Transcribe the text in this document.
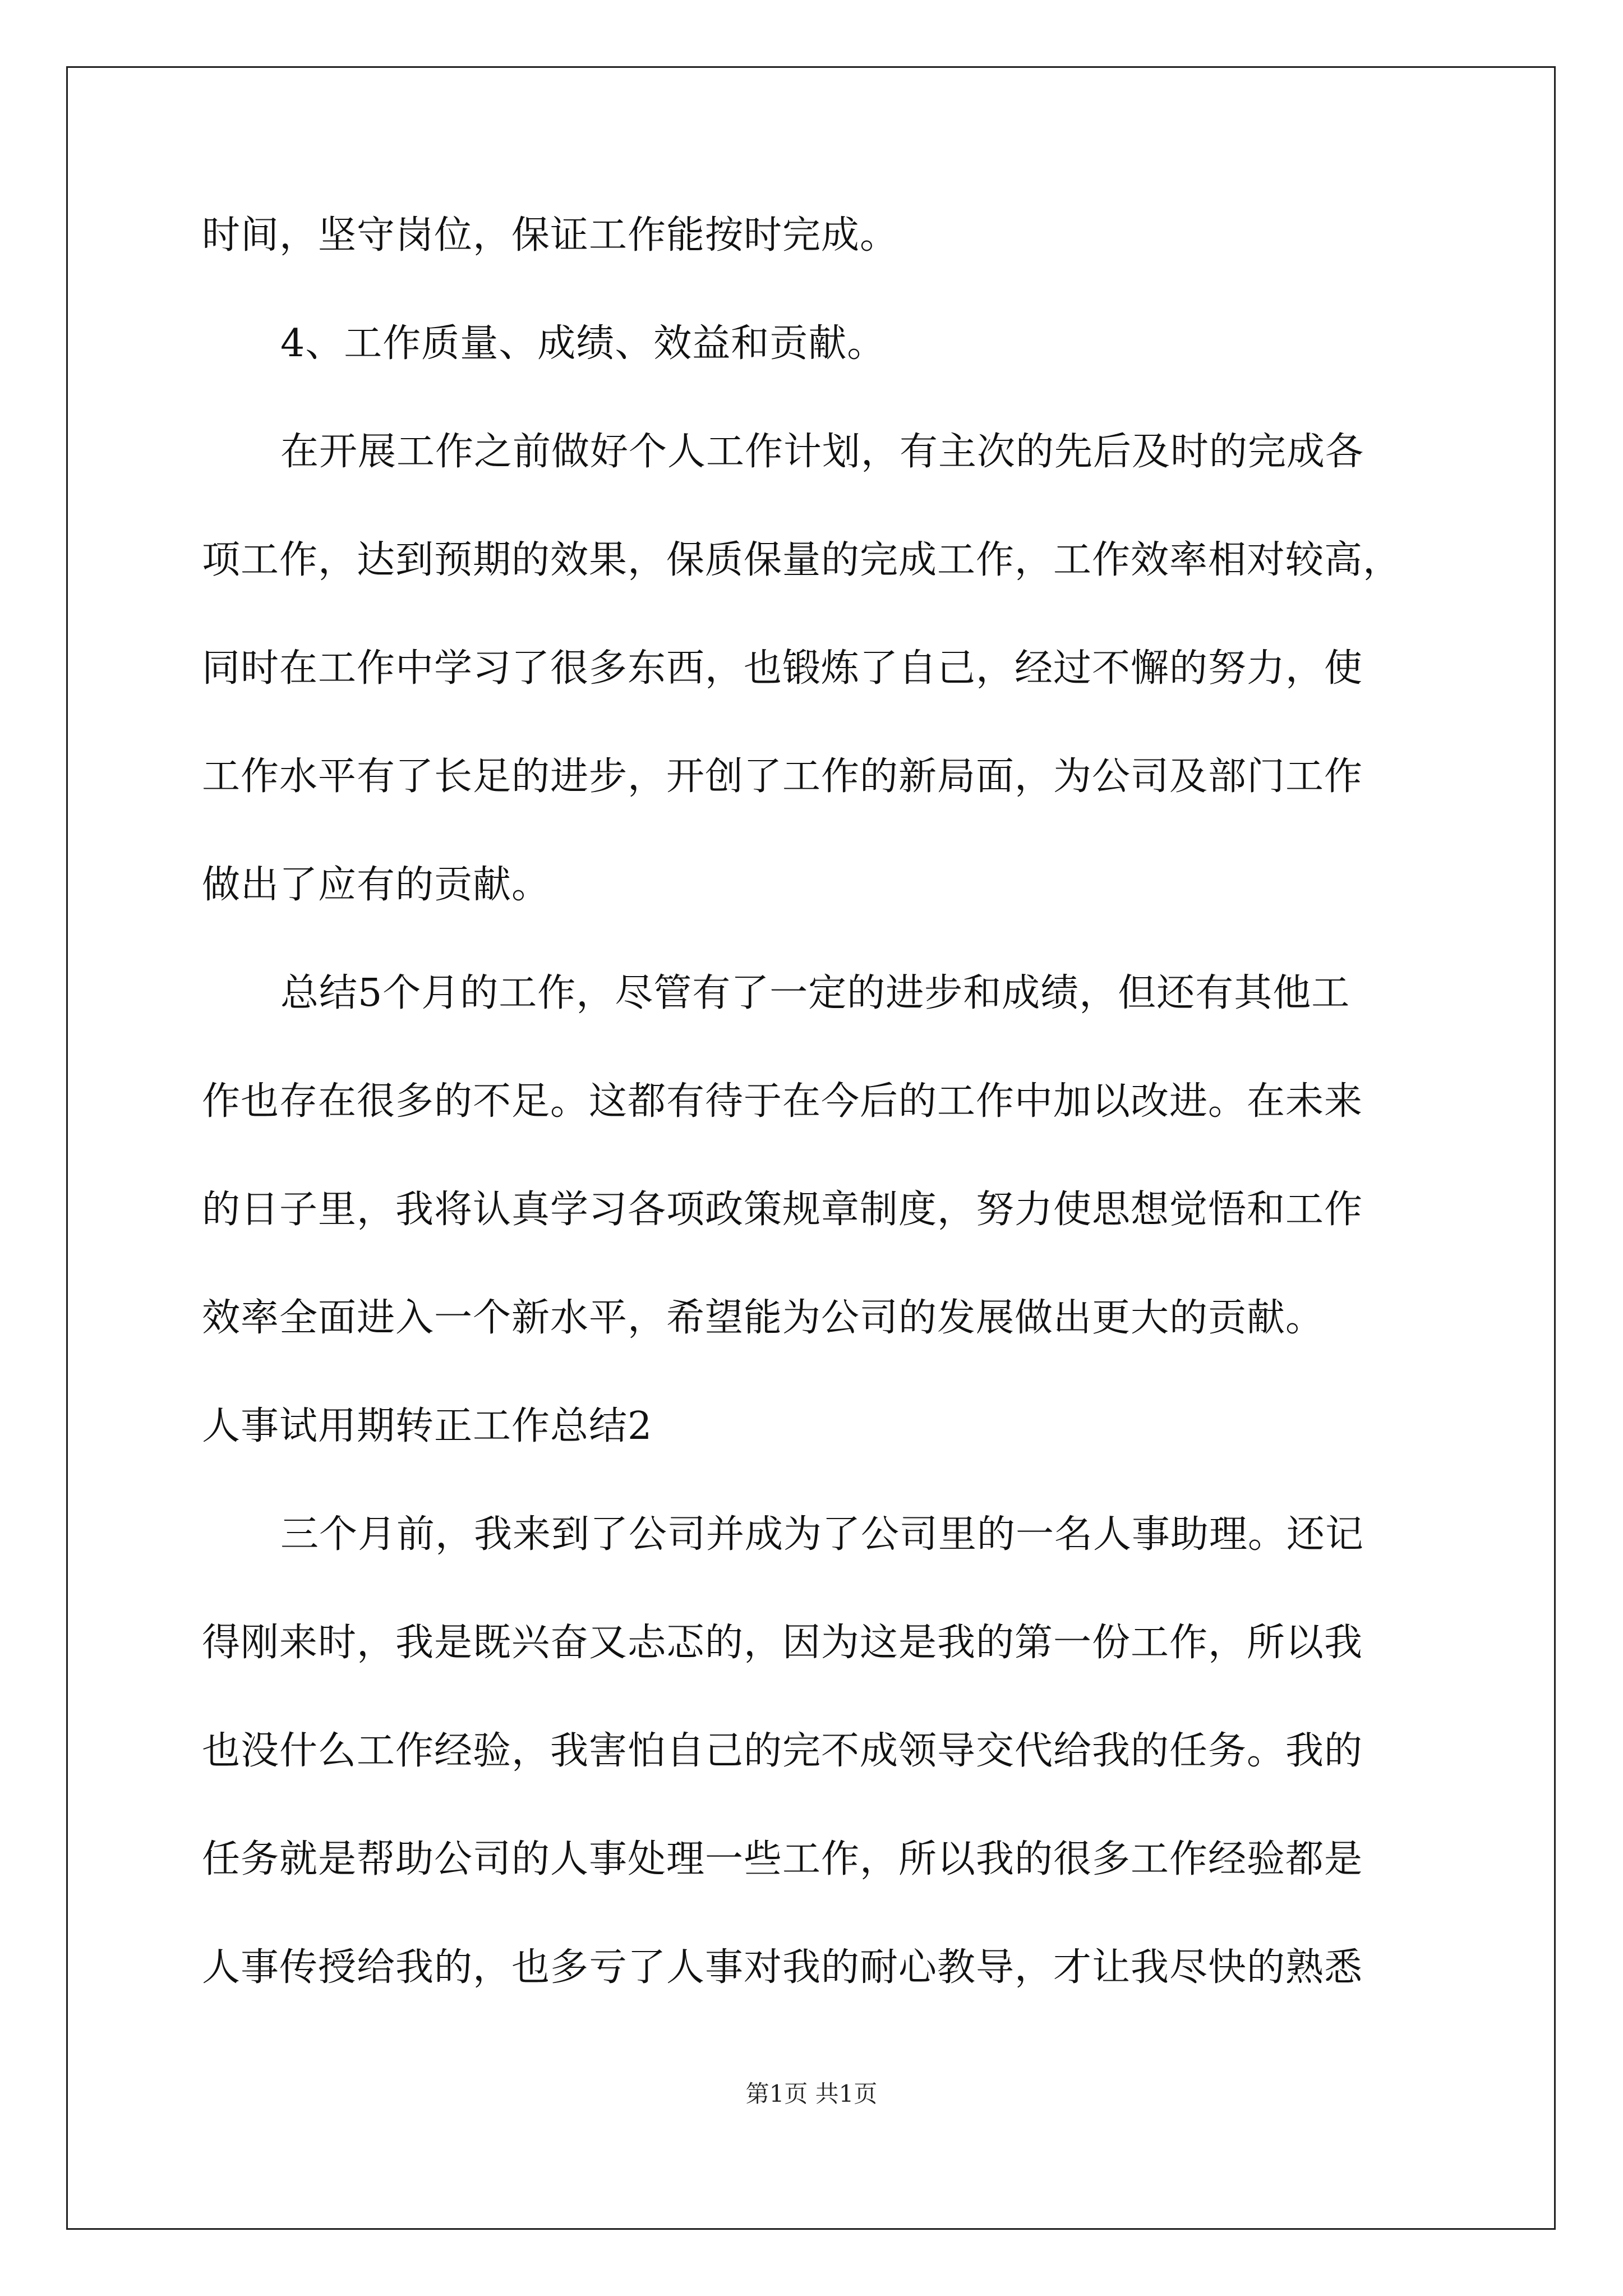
时间，坚守岗位，保证工作能按时完成。
4、工作质量、成绩、效益和贡献。
在开展工作之前做好个人工作计划，有主次的先后及时的完成各
项工作，达到预期的效果，保质保量的完成工作，工作效率相对较高，
同时在工作中学习了很多东西，也锻炼了自己，经过不懈的努力，使
工作水平有了长足的进步，开创了工作的新局面，为公司及部门工作
做出了应有的贡献。
总结5个月的工作，尽管有了一定的进步和成绩，但还有其他工
作也存在很多的不足。这都有待于在今后的工作中加以改进。在未来
的日子里，我将认真学习各项政策规章制度，努力使思想觉悟和工作
效率全面进入一个新水平，希望能为公司的发展做出更大的贡献。
人事试用期转正工作总结2
三个月前，我来到了公司并成为了公司里的一名人事助理。还记
得刚来时，我是既兴奋又忐忑的，因为这是我的第一份工作，所以我
也没什么工作经验，我害怕自己的完不成领导交代给我的任务。我的
任务就是帮助公司的人事处理一些工作，所以我的很多工作经验都是
人事传授给我的，也多亏了人事对我的耐心教导，才让我尽快的熟悉
第1页 共1页
